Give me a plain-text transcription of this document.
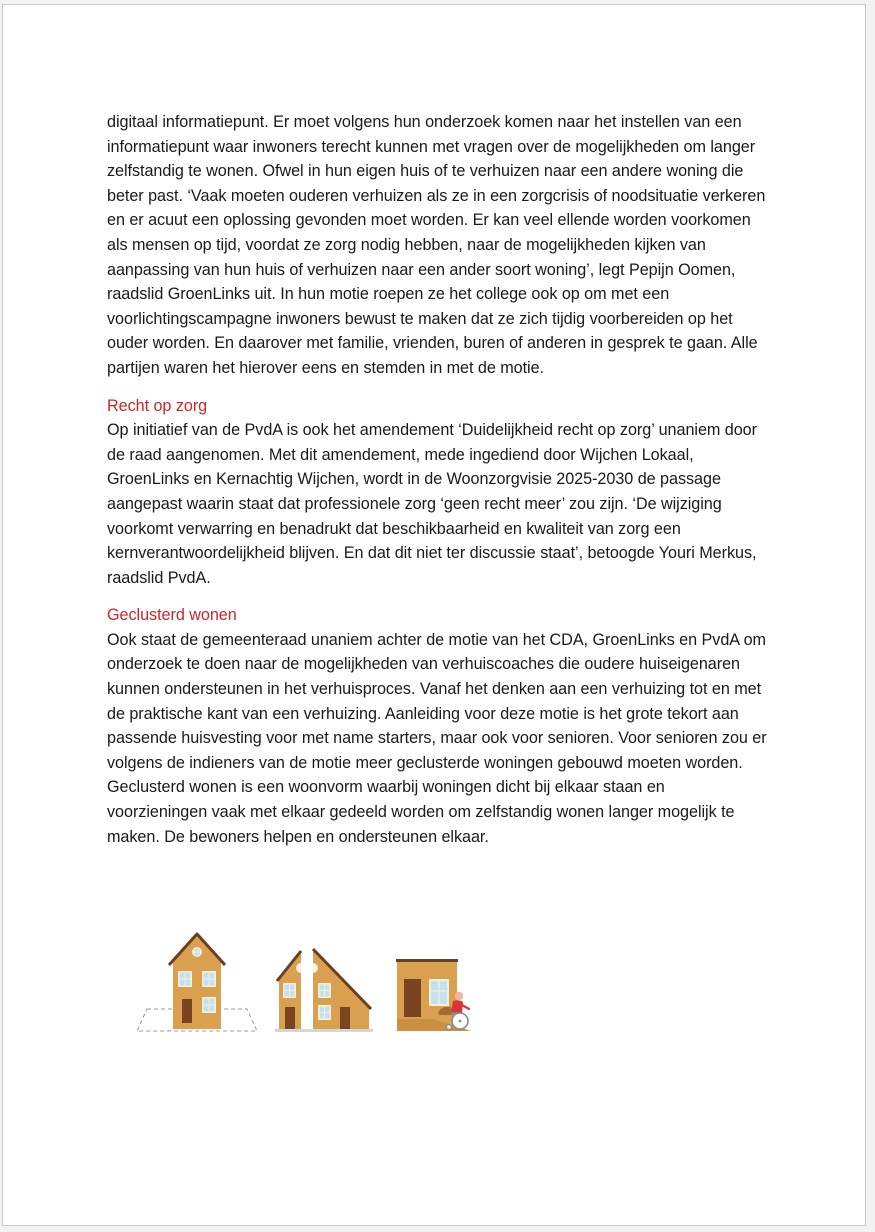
digitaal informatiepunt. Er moet volgens hun onderzoek komen naar het instellen van een informatiepunt waar inwoners terecht kunnen met vragen over de mogelijkheden om langer zelfstandig te wonen. Ofwel in hun eigen huis of te verhuizen naar een andere woning die beter past. ‘Vaak moeten ouderen verhuizen als ze in een zorgcrisis of noodsituatie verkeren en er acuut een oplossing gevonden moet worden. Er kan veel ellende worden voorkomen als mensen op tijd, voordat ze zorg nodig hebben, naar de mogelijkheden kijken van aanpassing van hun huis of verhuizen naar een ander soort woning’, legt Pepijn Oomen, raadslid GroenLinks uit. In hun motie roepen ze het college ook op om met een voorlichtingscampagne inwoners bewust te maken dat ze zich tijdig voorbereiden op het ouder worden. En daarover met familie, vrienden, buren of anderen in gesprek te gaan. Alle partijen waren het hierover eens en stemden in met de motie.

Recht op zorg

Op initiatief van de PvdA is ook het amendement ‘Duidelijkheid recht op zorg’ unaniem door de raad aangenomen. Met dit amendement, mede ingediend door Wijchen Lokaal, GroenLinks en Kernachtig Wijchen, wordt in de Woonzorgvisie 2025-2030 de passage aangepast waarin staat dat professionele zorg ‘geen recht meer’ zou zijn. ‘De wijziging voorkomt verwarring en benadrukt dat beschikbaarheid en kwaliteit van zorg een kernverantwoordelijkheid blijven. En dat dit niet ter discussie staat’, betoogde Youri Merkus, raadslid PvdA.

Geclusterd wonen

Ook staat de gemeenteraad unaniem achter de motie van het CDA, GroenLinks en PvdA om onderzoek te doen naar de mogelijkheden van verhuiscoaches die oudere huiseigenaren kunnen ondersteunen in het verhuisproces. Vanaf het denken aan een verhuizing tot en met de praktische kant van een verhuizing. Aanleiding voor deze motie is het grote tekort aan passende huisvesting voor met name starters, maar ook voor senioren. Voor senioren zou er volgens de indieners van de motie meer geclusterde woningen gebouwd moeten worden. Geclusterd wonen is een woonvorm waarbij woningen dicht bij elkaar staan en voorzieningen vaak met elkaar gedeeld worden om zelfstandig wonen langer mogelijk te maken. De bewoners helpen en ondersteunen elkaar.
